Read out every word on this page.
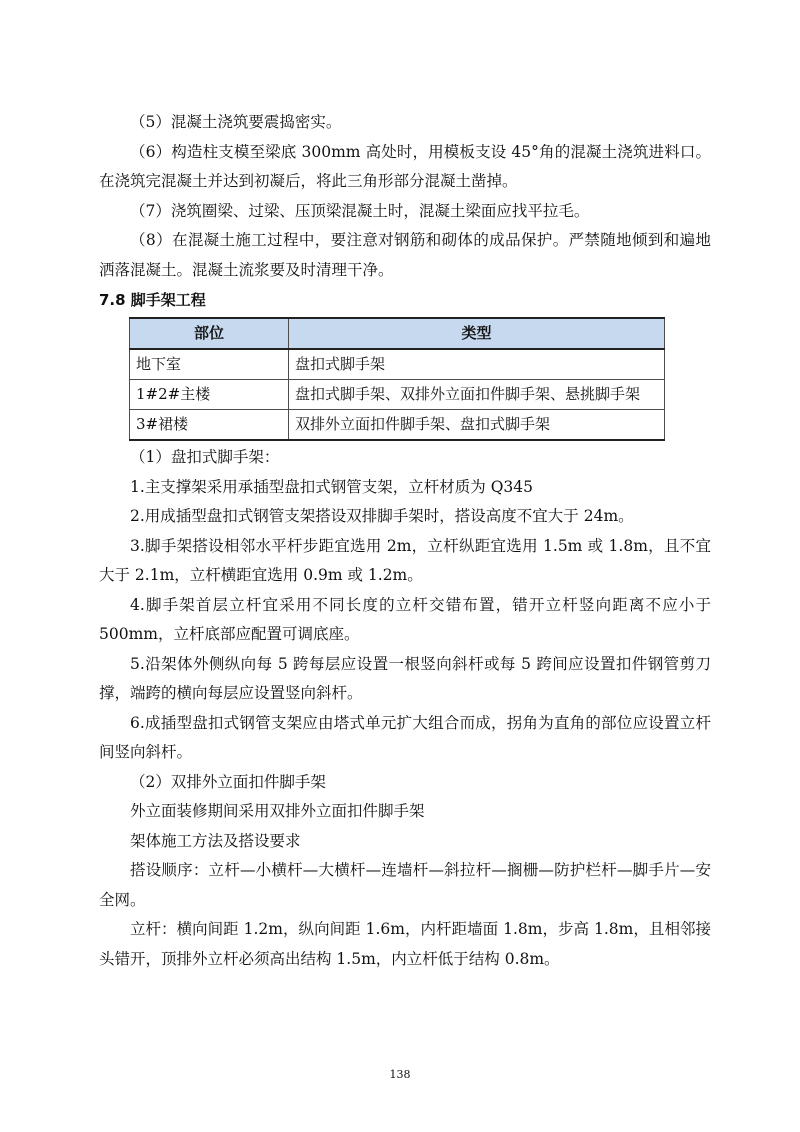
（5）混凝土浇筑要震捣密实。

（6）构造柱支模至梁底 300mm 高处时，用模板支设 45°角的混凝土浇筑进料口。在浇筑完混凝土并达到初凝后，将此三角形部分混凝土凿掉。

（7）浇筑圈梁、过梁、压顶梁混凝土时，混凝土梁面应找平拉毛。

（8）在混凝土施工过程中，要注意对钢筋和砌体的成品保护。严禁随地倾到和遍地洒落混凝土。混凝土流浆要及时清理干净。

7.8 脚手架工程

部位	类型
地下室	盘扣式脚手架
1#2#主楼	盘扣式脚手架、双排外立面扣件脚手架、悬挑脚手架
3#裙楼	双排外立面扣件脚手架、盘扣式脚手架

（1）盘扣式脚手架：

1.主支撑架采用承插型盘扣式钢管支架，立杆材质为 Q345

2.用成插型盘扣式钢管支架搭设双排脚手架时，搭设高度不宜大于 24m。

3.脚手架搭设相邻水平杆步距宜选用 2m，立杆纵距宜选用 1.5m 或 1.8m，且不宜大于 2.1m，立杆横距宜选用 0.9m 或 1.2m。

4.脚手架首层立杆宜采用不同长度的立杆交错布置，错开立杆竖向距离不应小于 500mm，立杆底部应配置可调底座。

5.沿架体外侧纵向每 5 跨每层应设置一根竖向斜杆或每 5 跨间应设置扣件钢管剪刀撑，端跨的横向每层应设置竖向斜杆。

6.成插型盘扣式钢管支架应由塔式单元扩大组合而成，拐角为直角的部位应设置立杆间竖向斜杆。

（2）双排外立面扣件脚手架

外立面装修期间采用双排外立面扣件脚手架

架体施工方法及搭设要求

搭设顺序：立杆—小横杆—大横杆—连墙杆—斜拉杆—搁栅—防护栏杆—脚手片—安全网。

立杆：横向间距 1.2m，纵向间距 1.6m，内杆距墙面 1.8m，步高 1.8m，且相邻接头错开，顶排外立杆必须高出结构 1.5m，内立杆低于结构 0.8m。

138
